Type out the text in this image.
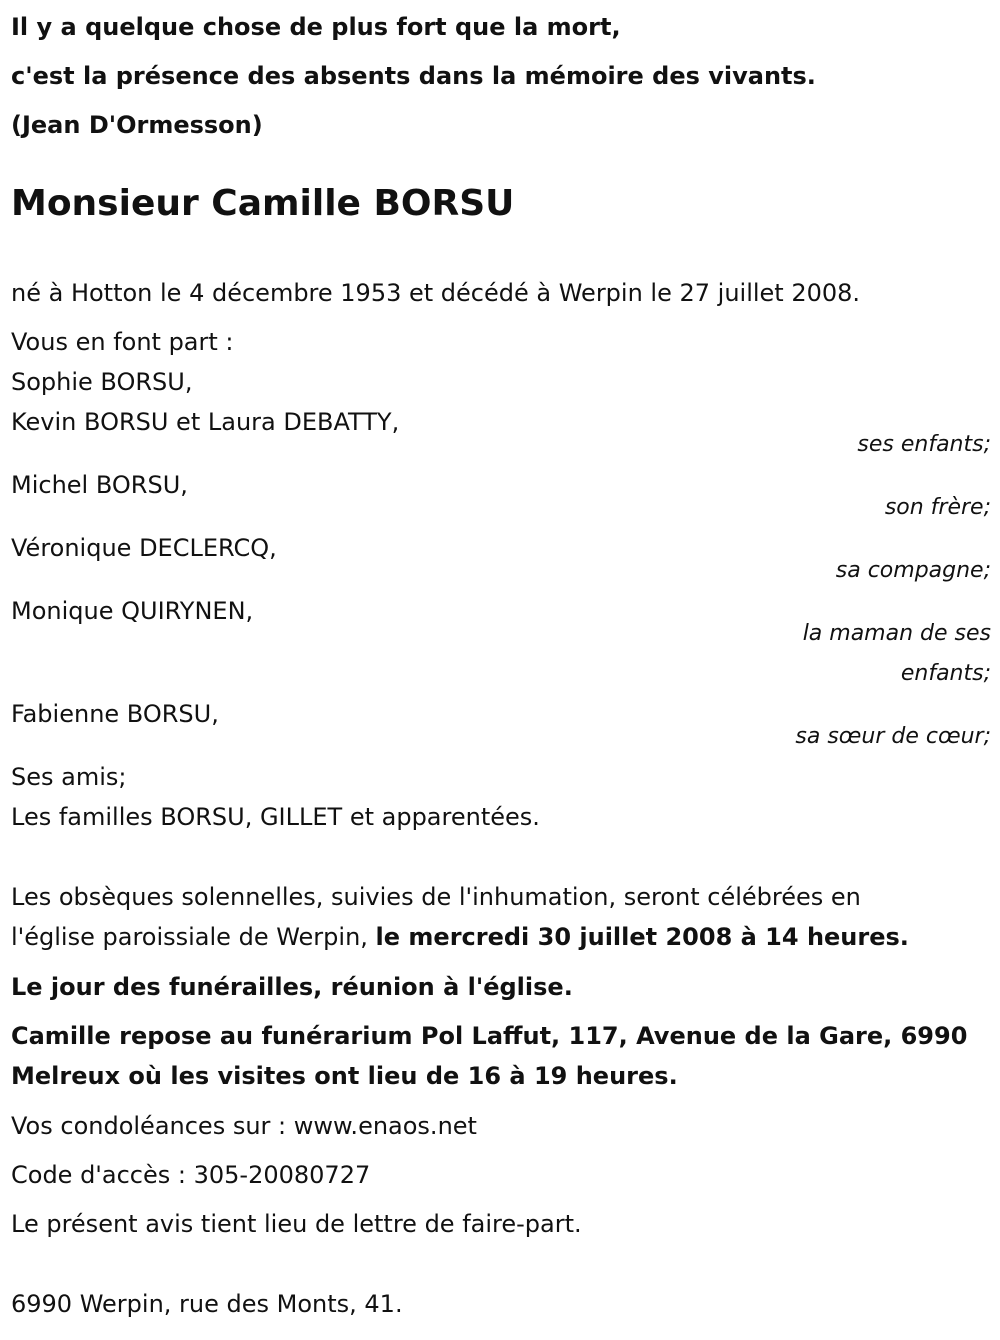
Il y a quelque chose de plus fort que la mort,
c'est la présence des absents dans la mémoire des vivants.
(Jean D'Ormesson)
Monsieur Camille BORSU
né à Hotton le 4 décembre 1953 et décédé à Werpin le 27 juillet 2008.
Vous en font part :
Sophie BORSU,
Kevin BORSU et Laura DEBATTY,
ses enfants;
Michel BORSU,
son frère;
Véronique DECLERCQ,
sa compagne;
Monique QUIRYNEN,
la maman de ses
enfants;
Fabienne BORSU,
sa sœur de cœur;
Ses amis;
Les familles BORSU, GILLET et apparentées.
Les obsèques solennelles, suivies de l'inhumation, seront célébrées en
l'église paroissiale de Werpin, le mercredi 30 juillet 2008 à 14 heures.
Le jour des funérailles, réunion à l'église.
Camille repose au funérarium Pol Laffut, 117, Avenue de la Gare, 6990
Melreux où les visites ont lieu de 16 à 19 heures.
Vos condoléances sur : www.enaos.net
Code d'accès : 305-20080727
Le présent avis tient lieu de lettre de faire-part.
6990 Werpin, rue des Monts, 41.
